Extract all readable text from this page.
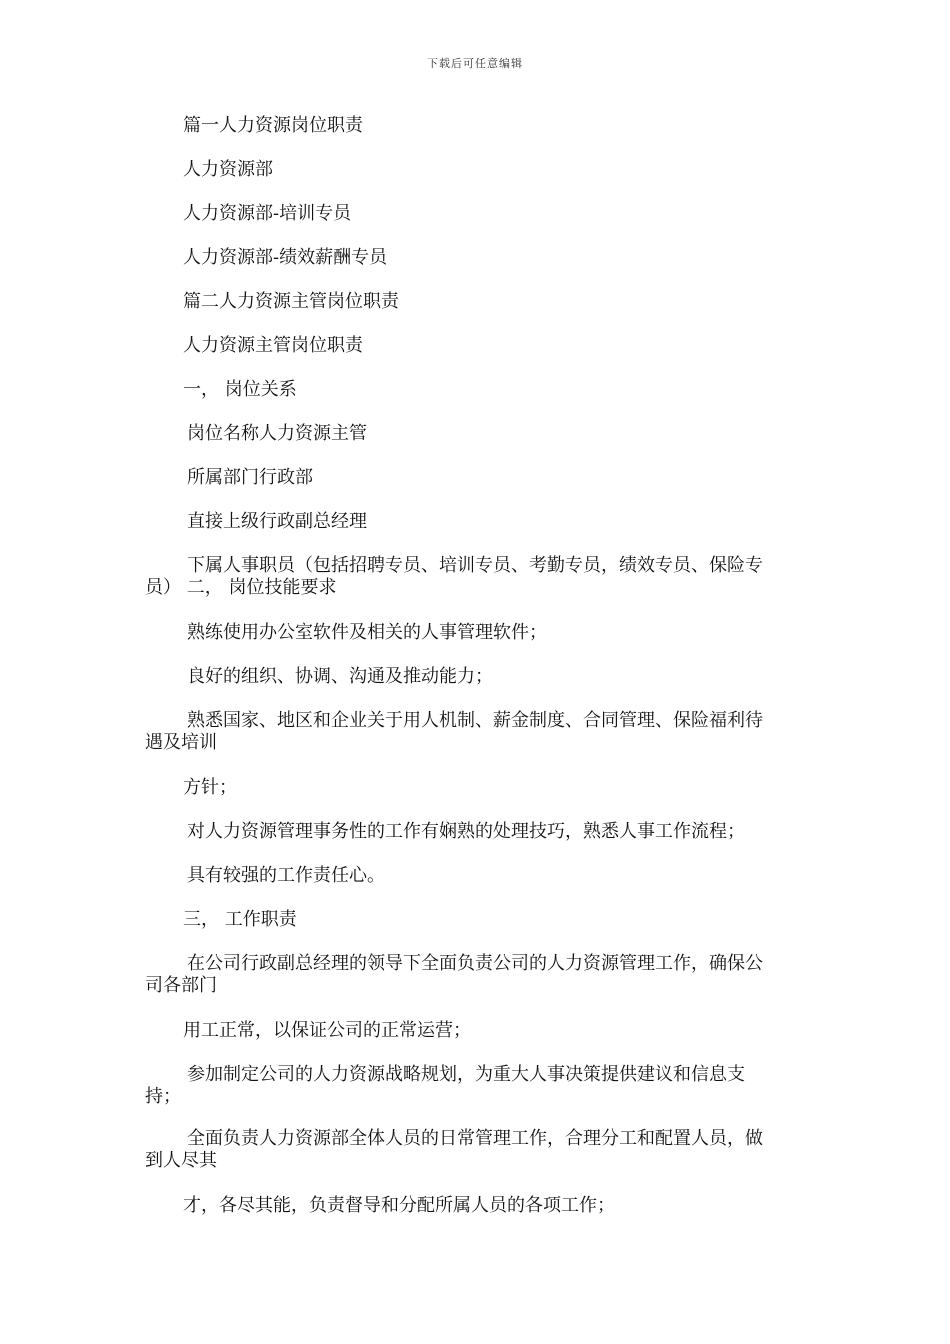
下载后可任意编辑
篇一人力资源岗位职责
人力资源部
人力资源部-培训专员
人力资源部-绩效薪酬专员
篇二人力资源主管岗位职责
人力资源主管岗位职责
一， 岗位关系
岗位名称人力资源主管
所属部门行政部
直接上级行政副总经理
下属人事职员（包括招聘专员、培训专员、考勤专员，绩效专员、保险专
员） 二， 岗位技能要求
熟练使用办公室软件及相关的人事管理软件；
良好的组织、协调、沟通及推动能力；
熟悉国家、地区和企业关于用人机制、薪金制度、合同管理、保险福利待
遇及培训
方针；
对人力资源管理事务性的工作有娴熟的处理技巧，熟悉人事工作流程；
具有较强的工作责任心。
三， 工作职责
在公司行政副总经理的领导下全面负责公司的人力资源管理工作，确保公
司各部门
用工正常，以保证公司的正常运营；
参加制定公司的人力资源战略规划，为重大人事决策提供建议和信息支
持；
全面负责人力资源部全体人员的日常管理工作，合理分工和配置人员，做
到人尽其
才，各尽其能，负责督导和分配所属人员的各项工作；
